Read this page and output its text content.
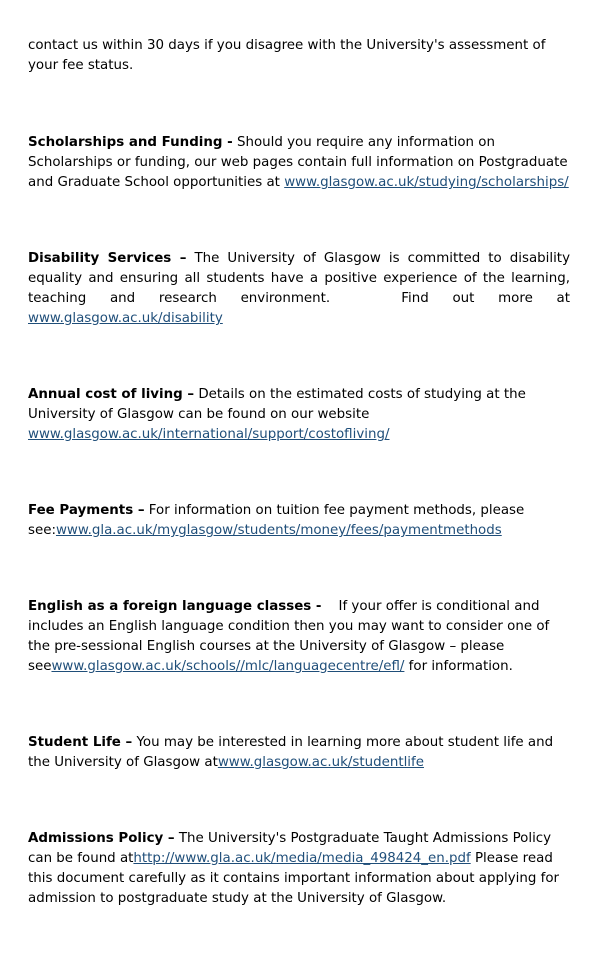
contact us within 30 days if you disagree with the University's assessment of your fee status.

Scholarships and Funding - Should you require any information on Scholarships or funding, our web pages contain full information on Postgraduate and Graduate School opportunities at www.glasgow.ac.uk/studying/scholarships/

Disability Services – The University of Glasgow is committed to disability equality and ensuring all students have a positive experience of the learning, teaching and research environment.   Find out more at www.glasgow.ac.uk/disability

Annual cost of living – Details on the estimated costs of studying at the University of Glasgow can be found on our website www.glasgow.ac.uk/international/support/costofliving/

Fee Payments – For information on tuition fee payment methods, please see:www.gla.ac.uk/myglasgow/students/money/fees/paymentmethods

English as a foreign language classes -    If your offer is conditional and includes an English language condition then you may want to consider one of the pre-sessional English courses at the University of Glasgow – please seewww.glasgow.ac.uk/schools//mlc/languagecentre/efl/ for information.

Student Life – You may be interested in learning more about student life and the University of Glasgow atwww.glasgow.ac.uk/studentlife

Admissions Policy – The University's Postgraduate Taught Admissions Policy can be found athttp://www.gla.ac.uk/media/media_498424_en.pdf Please read this document carefully as it contains important information about applying for admission to postgraduate study at the University of Glasgow.
